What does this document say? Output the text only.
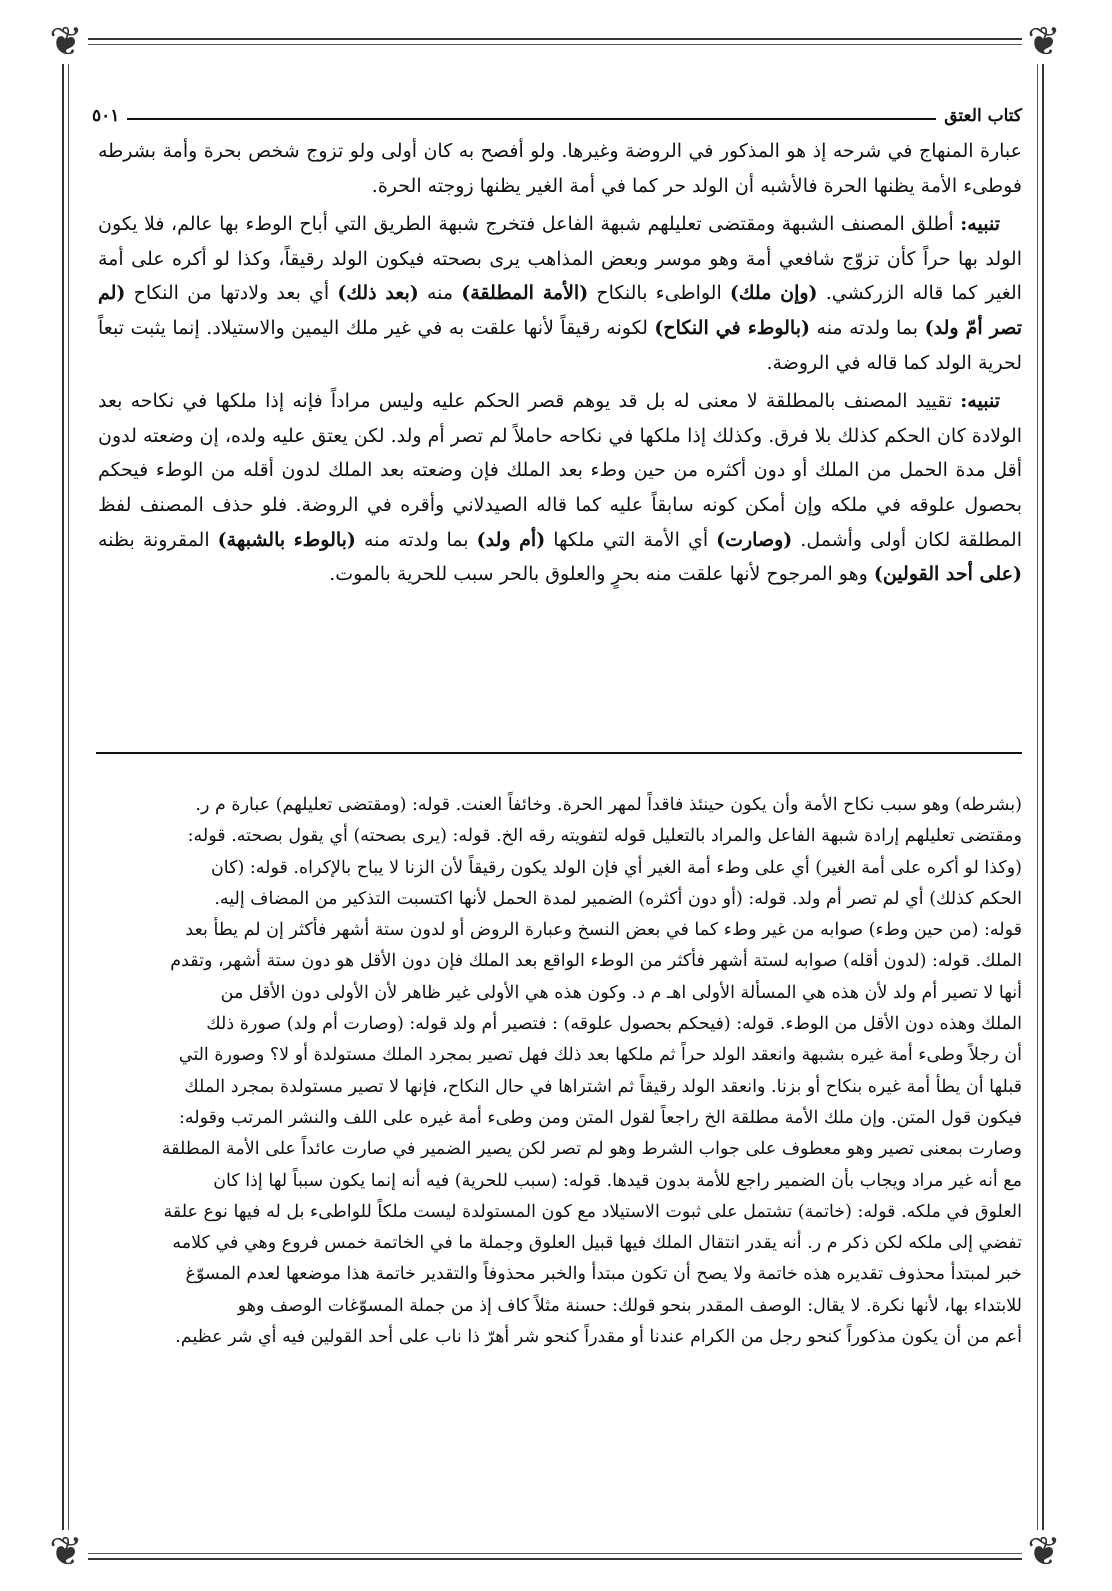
❦	❦
❦	❦
كتاب العتق
٥٠١

عبارة المنهاج في شرحه إذ هو المذكور في الروضة وغيرها. ولو أفصح به كان أولى ولو تزوج شخص بحرة وأمة بشرطه فوطىء الأمة يظنها الحرة فالأشبه أن الولد حر كما في أمة الغير يظنها زوجته الحرة.

تنبيه: أطلق المصنف الشبهة ومقتضى تعليلهم شبهة الفاعل فتخرج شبهة الطريق التي أباح الوطء بها عالم، فلا يكون الولد بها حراً كأن تزوّج شافعي أمة وهو موسر وبعض المذاهب يرى بصحته فيكون الولد رقيقاً، وكذا لو أكره على أمة الغير كما قاله الزركشي. (وإن ملك) الواطىء بالنكاح (الأمة المطلقة) منه (بعد ذلك) أي بعد ولادتها من النكاح (لم تصر أمّ ولد) بما ولدته منه (بالوطء في النكاح) لكونه رقيقاً لأنها علقت به في غير ملك اليمين والاستيلاد. إنما يثبت تبعاً لحرية الولد كما قاله في الروضة.

تنبيه: تقييد المصنف بالمطلقة لا معنى له بل قد يوهم قصر الحكم عليه وليس مراداً فإنه إذا ملكها في نكاحه بعد الولادة كان الحكم كذلك بلا فرق. وكذلك إذا ملكها في نكاحه حاملاً لم تصر أم ولد. لكن يعتق عليه ولده، إن وضعته لدون أقل مدة الحمل من الملك أو دون أكثره من حين وطء بعد الملك فإن وضعته بعد الملك لدون أقله من الوطء فيحكم بحصول علوقه في ملكه وإن أمكن كونه سابقاً عليه كما قاله الصيدلاني وأقره في الروضة. فلو حذف المصنف لفظ المطلقة لكان أولى وأشمل. (وصارت) أي الأمة التي ملكها (أم ولد) بما ولدته منه (بالوطء بالشبهة) المقرونة بظنه (على أحد القولين) وهو المرجوح لأنها علقت منه بحرٍ والعلوق بالحر سبب للحرية بالموت.

(بشرطه) وهو سبب نكاح الأمة وأن يكون حينئذ فاقداً لمهر الحرة. وخائفاً العنت. قوله: (ومقتضى تعليلهم) عبارة م ر.

ومقتضى تعليلهم إرادة شبهة الفاعل والمراد بالتعليل قوله لتفويته رقه الخ. قوله: (يرى بصحته) أي يقول بصحته. قوله:

(وكذا لو أكره على أمة الغير) أي على وطء أمة الغير أي فإن الولد يكون رقيقاً لأن الزنا لا يباح بالإكراه. قوله: (كان

الحكم كذلك) أي لم تصر أم ولد. قوله: (أو دون أكثره) الضمير لمدة الحمل لأنها اكتسبت التذكير من المضاف إليه.

قوله: (من حين وطء) صوابه من غير وطء كما في بعض النسخ وعبارة الروض أو لدون ستة أشهر فأكثر إن لم يطأ بعد

الملك. قوله: (لدون أقله) صوابه لستة أشهر فأكثر من الوطء الواقع بعد الملك فإن دون الأقل هو دون ستة أشهر، وتقدم

أنها لا تصير أم ولد لأن هذه هي المسألة الأولى اهـ م د. وكون هذه هي الأولى غير ظاهر لأن الأولى دون الأقل من

الملك وهذه دون الأقل من الوطء. قوله: (فيحكم بحصول علوقه) : فتصير أم ولد قوله: (وصارت أم ولد) صورة ذلك

أن رجلاً وطىء أمة غيره بشبهة وانعقد الولد حراً ثم ملكها بعد ذلك فهل تصير بمجرد الملك مستولدة أو لا؟ وصورة التي

قبلها أن يطأ أمة غيره بنكاح أو بزنا. وانعقد الولد رقيقاً ثم اشتراها في حال النكاح، فإنها لا تصير مستولدة بمجرد الملك

فيكون قول المتن. وإن ملك الأمة مطلقة الخ راجعاً لقول المتن ومن وطىء أمة غيره على اللف والنشر المرتب وقوله:

وصارت بمعنى تصير وهو معطوف على جواب الشرط وهو لم تصر لكن يصير الضمير في صارت عائداً على الأمة المطلقة

مع أنه غير مراد ويجاب بأن الضمير راجع للأمة بدون قيدها. قوله: (سبب للحرية) فيه أنه إنما يكون سبباً لها إذا كان

العلوق في ملكه. قوله: (خاتمة) تشتمل على ثبوت الاستيلاد مع كون المستولدة ليست ملكاً للواطىء بل له فيها نوع علقة

تفضي إلى ملكه لكن ذكر م ر. أنه يقدر انتقال الملك فيها قبيل العلوق وجملة ما في الخاتمة خمس فروع وهي في كلامه

خبر لمبتدأ محذوف تقديره هذه خاتمة ولا يصح أن تكون مبتدأ والخبر محذوفاً والتقدير خاتمة هذا موضعها لعدم المسوّغ

للابتداء بها، لأنها نكرة. لا يقال: الوصف المقدر بنحو قولك: حسنة مثلاً كاف إذ من جملة المسوّغات الوصف وهو

أعم من أن يكون مذكوراً كنحو رجل من الكرام عندنا أو مقدراً كنحو شر أهرّ ذا ناب على أحد القولين فيه أي شر عظيم.
